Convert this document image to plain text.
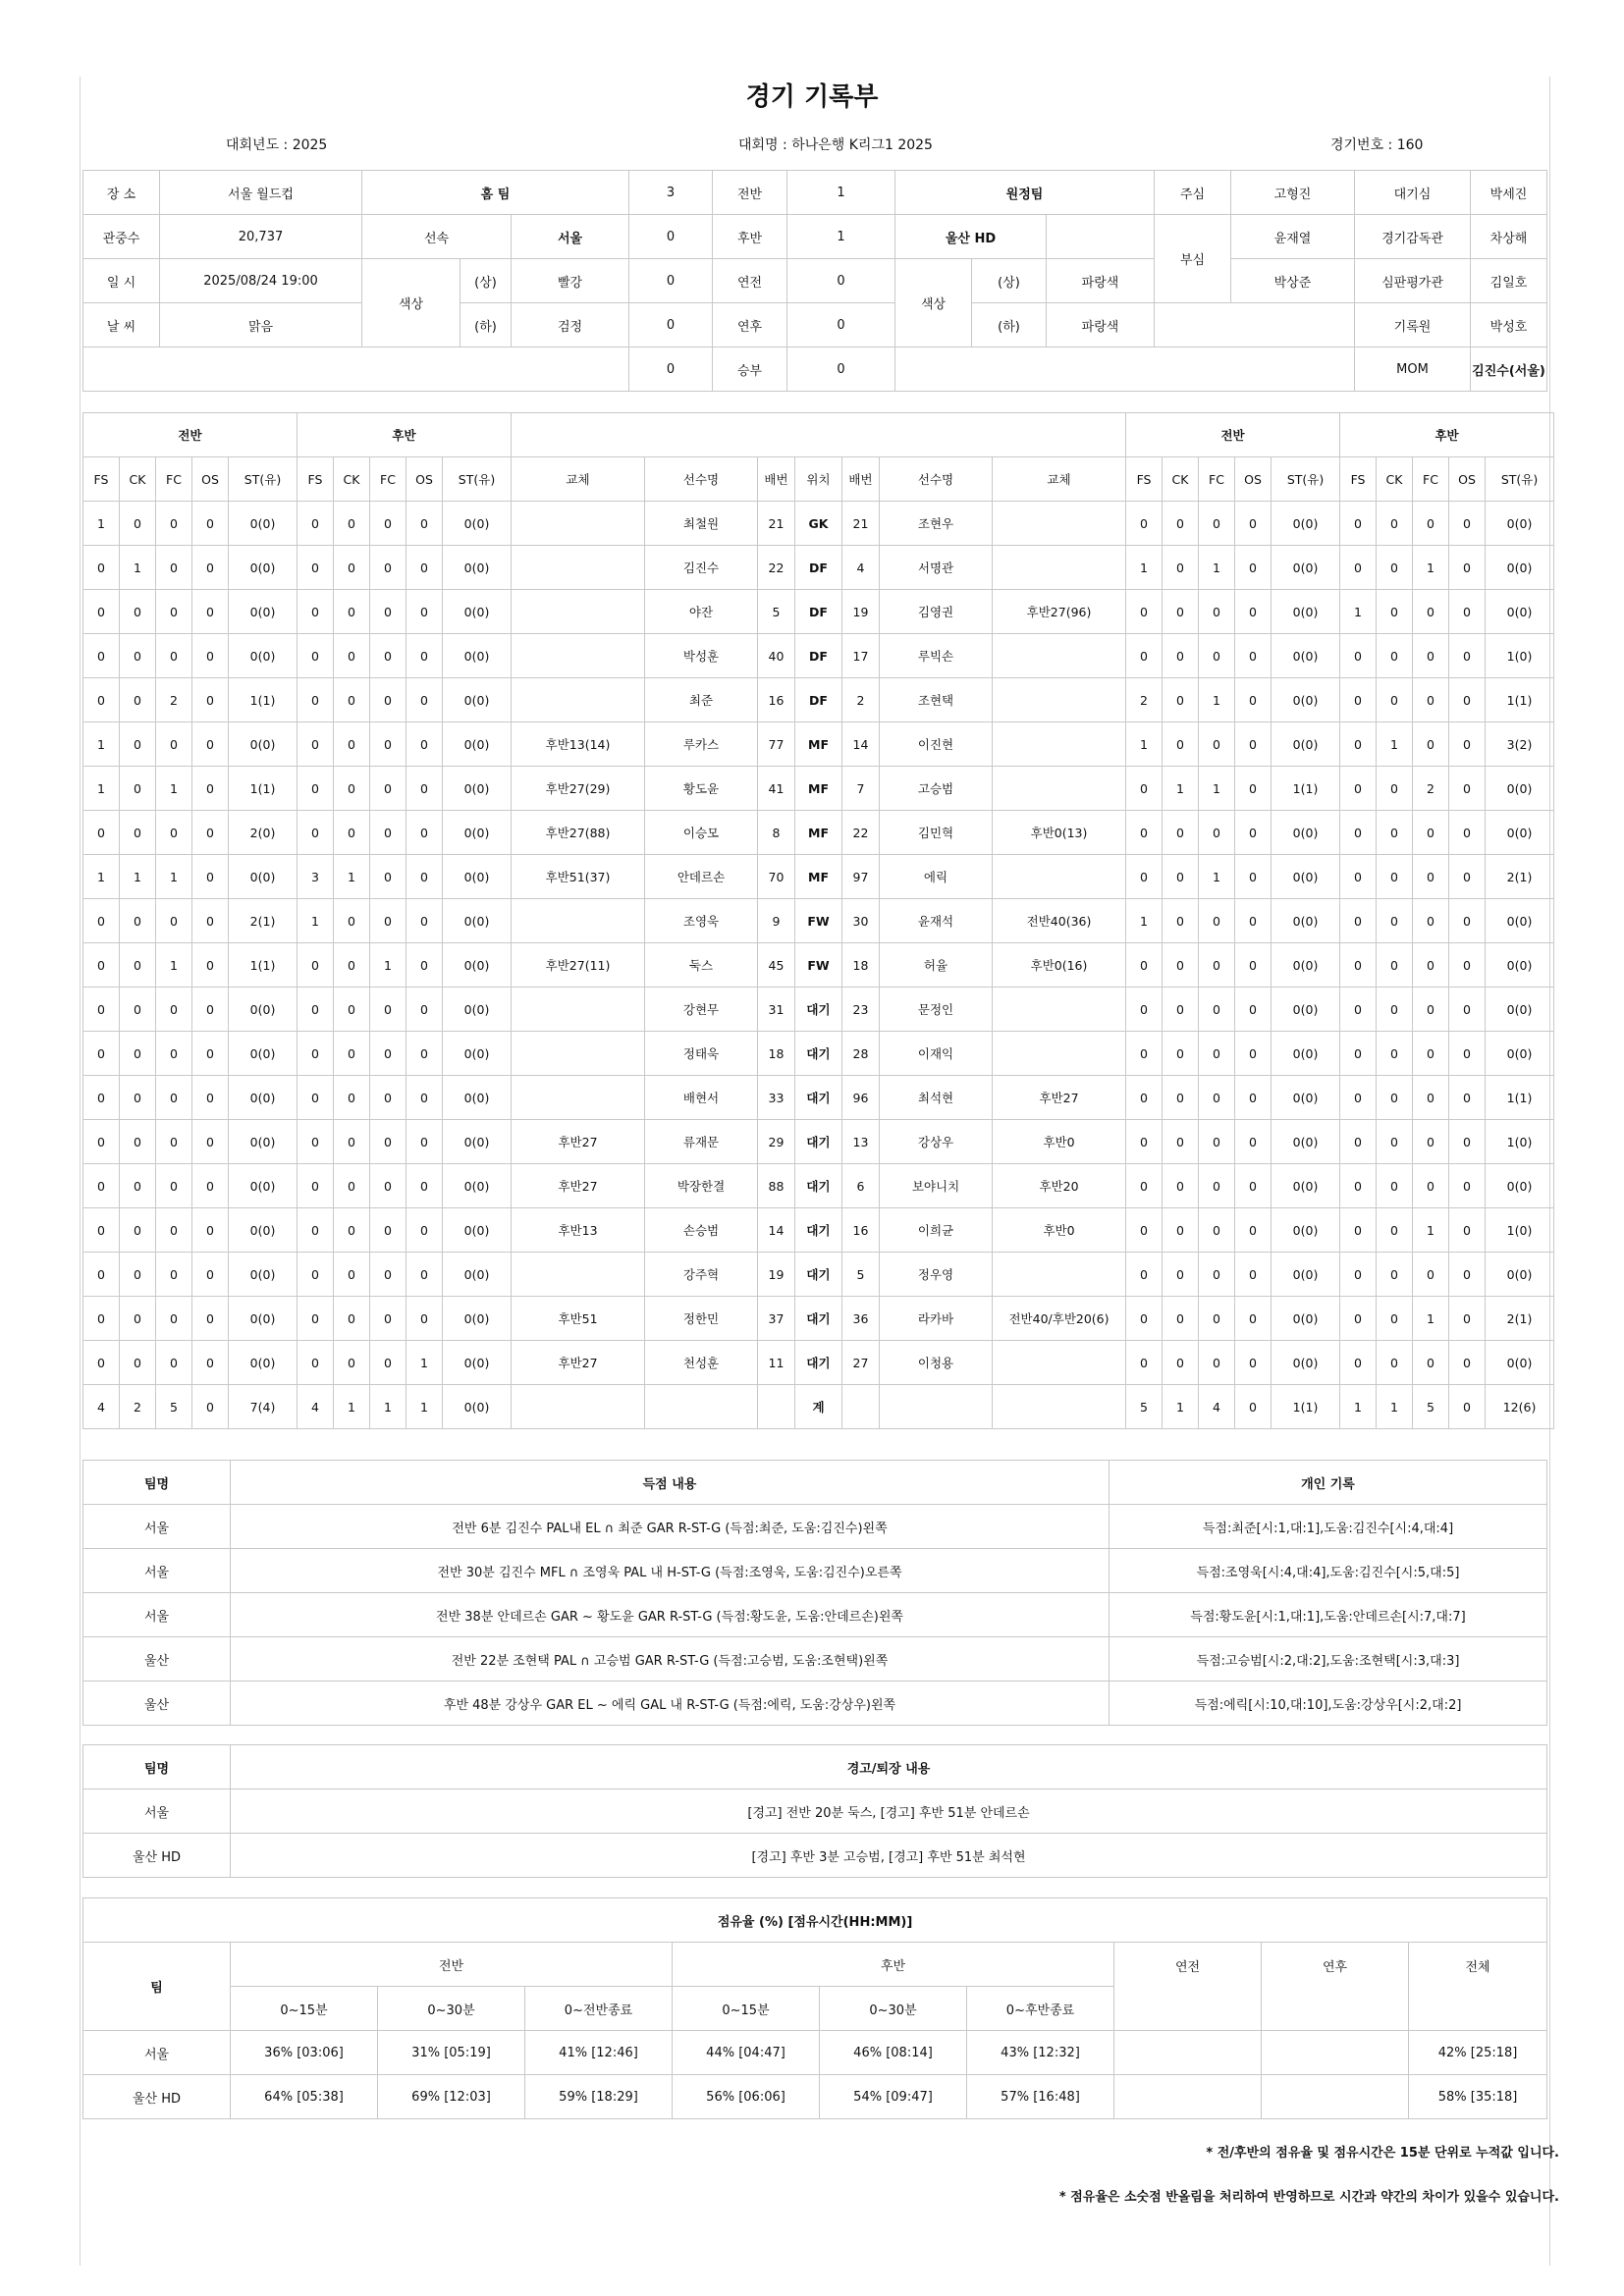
경기 기록부
대회년도 : 2025	대회명 : 하나은행 K리그1 2025	경기번호 : 160
장 소	서울 월드컵	홈 팀			3	전반	1	원정팀			주심	고형진	대기심	박세진
관중수	20,737	선속		서울	0	후반	1	울산 HD			부심	윤재열	경기감독관	차상해
일 시	2025/08/24 19:00	색상	(상)	빨강	0	연전	0	색상	(상)	파랑색		박상준	심판평가관	김일호
날 씨	맑음		(하)	검정	0	연후	0		(하)	파랑색			기록원	박성호
					0	승부	0						MOM	김진수(서울)
전반					후반												전반					후반				
FS	CK	FC	OS	ST(유)	FS	CK	FC	OS	ST(유)	교체	선수명	배번	위치	배번	선수명	교체	FS	CK	FC	OS	ST(유)	FS	CK	FC	OS	ST(유)
1	0	0	0	0(0)	0	0	0	0	0(0)		최철원	21	GK	21	조현우		0	0	0	0	0(0)	0	0	0	0	0(0)
0	1	0	0	0(0)	0	0	0	0	0(0)		김진수	22	DF	4	서명관		1	0	1	0	0(0)	0	0	1	0	0(0)
0	0	0	0	0(0)	0	0	0	0	0(0)		야잔	5	DF	19	김영권	후반27(96)	0	0	0	0	0(0)	1	0	0	0	0(0)
0	0	0	0	0(0)	0	0	0	0	0(0)		박성훈	40	DF	17	루빅손		0	0	0	0	0(0)	0	0	0	0	1(0)
0	0	2	0	1(1)	0	0	0	0	0(0)		최준	16	DF	2	조현택		2	0	1	0	0(0)	0	0	0	0	1(1)
1	0	0	0	0(0)	0	0	0	0	0(0)	후반13(14)	루카스	77	MF	14	이진현		1	0	0	0	0(0)	0	1	0	0	3(2)
1	0	1	0	1(1)	0	0	0	0	0(0)	후반27(29)	황도윤	41	MF	7	고승범		0	1	1	0	1(1)	0	0	2	0	0(0)
0	0	0	0	2(0)	0	0	0	0	0(0)	후반27(88)	이승모	8	MF	22	김민혁	후반0(13)	0	0	0	0	0(0)	0	0	0	0	0(0)
1	1	1	0	0(0)	3	1	0	0	0(0)	후반51(37)	안데르손	70	MF	97	에릭		0	0	1	0	0(0)	0	0	0	0	2(1)
0	0	0	0	2(1)	1	0	0	0	0(0)		조영욱	9	FW	30	윤재석	전반40(36)	1	0	0	0	0(0)	0	0	0	0	0(0)
0	0	1	0	1(1)	0	0	1	0	0(0)	후반27(11)	둑스	45	FW	18	허율	후반0(16)	0	0	0	0	0(0)	0	0	0	0	0(0)
0	0	0	0	0(0)	0	0	0	0	0(0)		강현무	31	대기	23	문정인		0	0	0	0	0(0)	0	0	0	0	0(0)
0	0	0	0	0(0)	0	0	0	0	0(0)		정태욱	18	대기	28	이재익		0	0	0	0	0(0)	0	0	0	0	0(0)
0	0	0	0	0(0)	0	0	0	0	0(0)		배현서	33	대기	96	최석현	후반27	0	0	0	0	0(0)	0	0	0	0	1(1)
0	0	0	0	0(0)	0	0	0	0	0(0)	후반27	류재문	29	대기	13	강상우	후반0	0	0	0	0	0(0)	0	0	0	0	1(0)
0	0	0	0	0(0)	0	0	0	0	0(0)	후반27	박장한결	88	대기	6	보야니치	후반20	0	0	0	0	0(0)	0	0	0	0	0(0)
0	0	0	0	0(0)	0	0	0	0	0(0)	후반13	손승범	14	대기	16	이희균	후반0	0	0	0	0	0(0)	0	0	1	0	1(0)
0	0	0	0	0(0)	0	0	0	0	0(0)		강주혁	19	대기	5	정우영		0	0	0	0	0(0)	0	0	0	0	0(0)
0	0	0	0	0(0)	0	0	0	0	0(0)	후반51	정한민	37	대기	36	라카바	전반40/후반20(6)	0	0	0	0	0(0)	0	0	1	0	2(1)
0	0	0	0	0(0)	0	0	0	1	0(0)	후반27	천성훈	11	대기	27	이청용		0	0	0	0	0(0)	0	0	0	0	0(0)
4	2	5	0	7(4)	4	1	1	1	0(0)				계				5	1	4	0	1(1)	1	1	5	0	12(6)
팀명	득점 내용	개인 기록
서울	전반 6분 김진수 PAL내 EL ∩ 최준 GAR R-ST-G (득점:최준, 도움:김진수)왼쪽	득점:최준[시:1,대:1],도움:김진수[시:4,대:4]
서울	전반 30분 김진수 MFL ∩ 조영욱 PAL 내 H-ST-G (득점:조영욱, 도움:김진수)오른쪽	득점:조영욱[시:4,대:4],도움:김진수[시:5,대:5]
서울	전반 38분 안데르손 GAR ~ 황도윤 GAR R-ST-G (득점:황도윤, 도움:안데르손)왼쪽	득점:황도윤[시:1,대:1],도움:안데르손[시:7,대:7]
울산	전반 22분 조현택 PAL ∩ 고승범 GAR R-ST-G (득점:고승범, 도움:조현택)왼쪽	득점:고승범[시:2,대:2],도움:조현택[시:3,대:3]
울산	후반 48분 강상우 GAR EL ~ 에릭 GAL 내 R-ST-G (득점:에릭, 도움:강상우)왼쪽	득점:에릭[시:10,대:10],도움:강상우[시:2,대:2]
팀명	경고/퇴장 내용
서울	[경고] 전반 20분 둑스, [경고] 후반 51분 안데르손
울산 HD	[경고] 후반 3분 고승범, [경고] 후반 51분 최석현
점유율 (%) [점유시간(HH:MM)]									
팀	전반			후반			연전	연후	전체
	0~15분	0~30분	0~전반종료	0~15분	0~30분	0~후반종료			
서울	36% [03:06]	31% [05:19]	41% [12:46]	44% [04:47]	46% [08:14]	43% [12:32]			42% [25:18]
울산 HD	64% [05:38]	69% [12:03]	59% [18:29]	56% [06:06]	54% [09:47]	57% [16:48]			58% [35:18]
* 전/후반의 점유율 및 점유시간은 15분 단위로 누적값 입니다.
* 점유율은 소숫점 반올림을 처리하여 반영하므로 시간과 약간의 차이가 있을수 있습니다.
